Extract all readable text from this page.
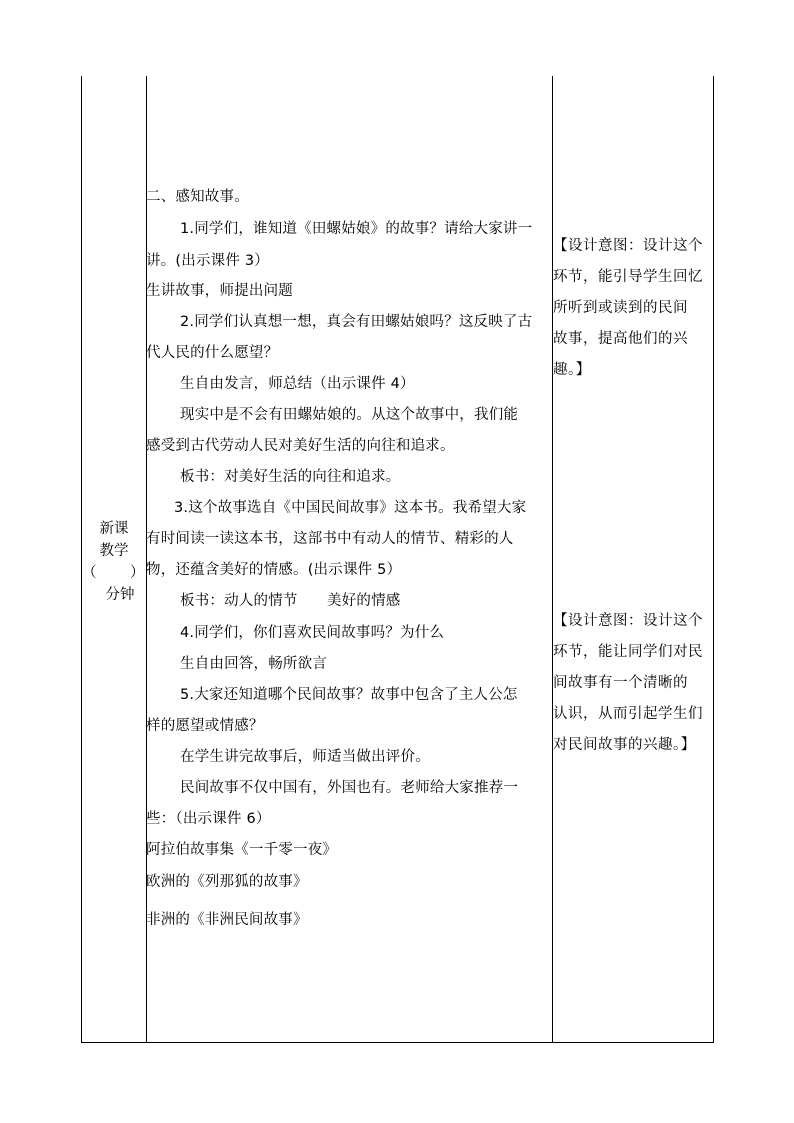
新课
教学
（ ）
分钟
二、感知故事。
1.同学们，谁知道《田螺姑娘》的故事？请给大家讲一
讲。(出示课件 3）
生讲故事，师提出问题
2.同学们认真想一想，真会有田螺姑娘吗？这反映了古
代人民的什么愿望？
生自由发言，师总结（出示课件 4）
现实中是不会有田螺姑娘的。从这个故事中，我们能
感受到古代劳动人民对美好生活的向往和追求。
板书：对美好生活的向往和追求。
3.这个故事选自《中国民间故事》这本书。我希望大家
有时间读一读这本书，这部书中有动人的情节、精彩的人
物，还蕴含美好的情感。(出示课件 5）
板书：动人的情节　　美好的情感
4.同学们，你们喜欢民间故事吗？为什么
生自由回答，畅所欲言
5.大家还知道哪个民间故事？故事中包含了主人公怎
样的愿望或情感？
在学生讲完故事后，师适当做出评价。
民间故事不仅中国有，外国也有。老师给大家推荐一
些：（出示课件 6）
阿拉伯故事集《一千零一夜》
欧洲的《列那狐的故事》
非洲的《非洲民间故事》
【设计意图：设计这个
环节，能引导学生回忆
所听到或读到的民间
故事，提高他们的兴
趣。】
【设计意图：设计这个
环节，能让同学们对民
间故事有一个清晰的
认识，从而引起学生们
对民间故事的兴趣。】
